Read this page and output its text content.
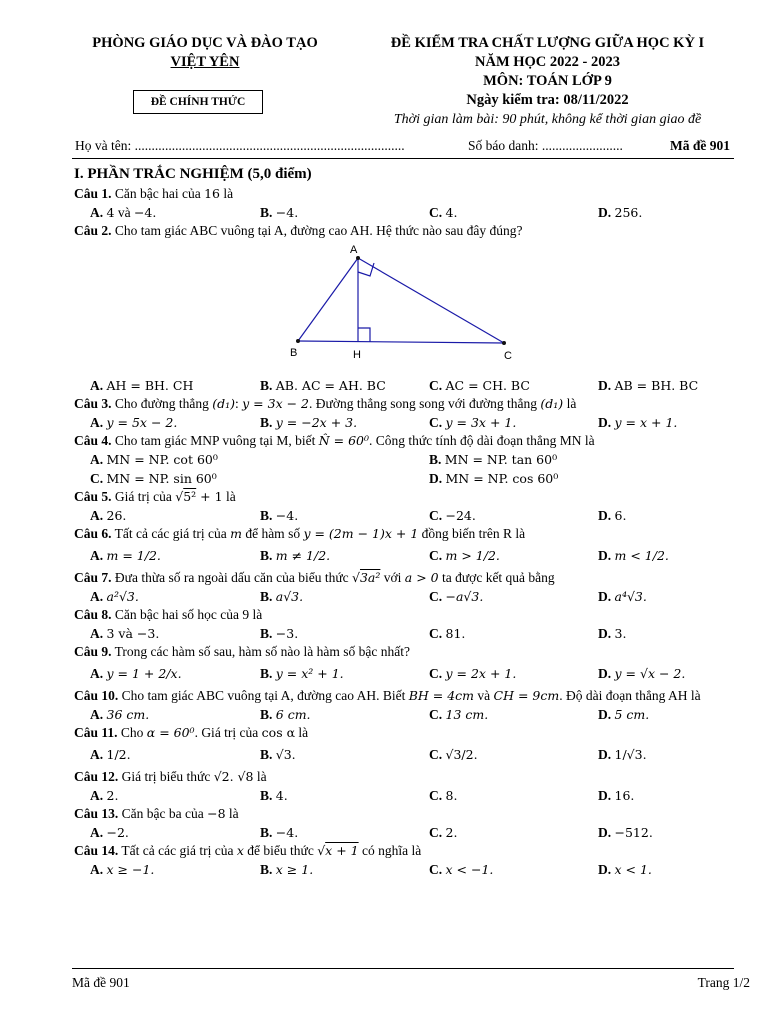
PHÒNG GIÁO DỤC VÀ ĐÀO TẠO
VIỆT YÊN
ĐỀ CHÍNH THỨC
ĐỀ KIỂM TRA CHẤT LƯỢNG GIỮA HỌC KỲ I
NĂM HỌC 2022 - 2023
MÔN: TOÁN LỚP 9
Ngày kiểm tra: 08/11/2022
Thời gian làm bài: 90 phút, không kể thời gian giao đề
Họ và tên: ................................................................................	Số báo danh: ........................	Mã đề 901
I. PHẦN TRẮC NGHIỆM (5,0 điểm)
Câu 1. Căn bậc hai của 16 là
A. 4 và −4.	B. −4.	C. 4.	D. 256.
Câu 2. Cho tam giác ABC vuông tại A, đường cao AH. Hệ thức nào sau đây đúng?
A
B	H	C
A. AH = BH. CH	B. AB. AC = AH. BC	C. AC = CH. BC	D. AB = BH. BC
Câu 3. Cho đường thẳng (d₁): y = 3x − 2. Đường thẳng song song với đường thẳng (d₁) là
A. y = 5x − 2.	B. y = −2x + 3.	C. y = 3x + 1.	D. y = x + 1.
Câu 4. Cho tam giác MNP vuông tại M, biết N̂ = 60⁰. Công thức tính độ dài đoạn thẳng MN là
A. MN = NP. cot 60⁰	B. MN = NP. tan 60⁰
C. MN = NP. sin 60⁰	D. MN = NP. cos 60⁰
Câu 5. Giá trị của √5² + 1 là
A. 26.	B. −4.	C. −24.	D. 6.
Câu 6. Tất cả các giá trị của m để hàm số y = (2m − 1)x + 1 đồng biến trên R là
A. m = 1/2.	B. m ≠ 1/2.	C. m > 1/2.	D. m < 1/2.
Câu 7. Đưa thừa số ra ngoài dấu căn của biểu thức √3a² với a > 0 ta được kết quả bằng
A. a²√3.	B. a√3.	C. −a√3.	D. a⁴√3.
Câu 8. Căn bậc hai số học của 9 là
A. 3 và −3.	B. −3.	C. 81.	D. 3.
Câu 9. Trong các hàm số sau, hàm số nào là hàm số bậc nhất?
A. y = 1 + 2/x.	B. y = x² + 1.	C. y = 2x + 1.	D. y = √x − 2.
Câu 10. Cho tam giác ABC vuông tại A, đường cao AH. Biết BH = 4cm và CH = 9cm. Độ dài đoạn thẳng AH là
A. 36 cm.	B. 6 cm.	C. 13 cm.	D. 5 cm.
Câu 11. Cho α = 60⁰. Giá trị của cos α là
A. 1/2.	B. √3.	C. √3/2.	D. 1/√3.
Câu 12. Giá trị biểu thức √2. √8 là
A. 2.	B. 4.	C. 8.	D. 16.
Câu 13. Căn bậc ba của −8 là
A. −2.	B. −4.	C. 2.	D. −512.
Câu 14. Tất cả các giá trị của x để biểu thức √x + 1 có nghĩa là
A. x ≥ −1.	B. x ≥ 1.	C. x < −1.	D. x < 1.
Mã đề 901	Trang 1/2
